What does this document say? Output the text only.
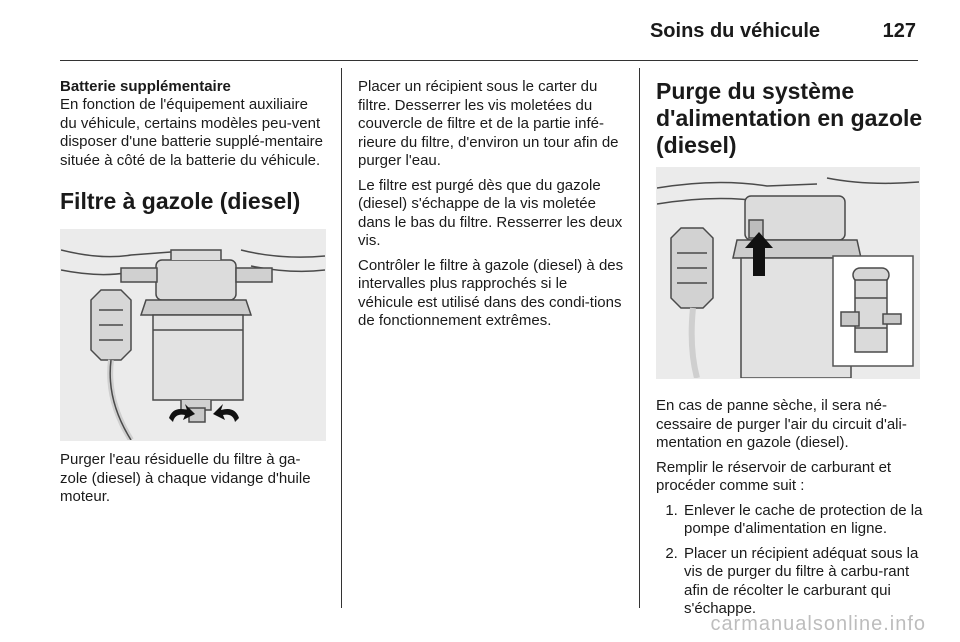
Soins du véhicule	127
Batterie supplémentaire

En fonction de l'équipement auxiliaire du véhicule, certains modèles peu-vent disposer d'une batterie supplé-mentaire située à côté de la batterie du véhicule.

Filtre à gazole (diesel)

Purger l'eau résiduelle du filtre à ga-zole (diesel) à chaque vidange d'huile moteur.

Placer un récipient sous le carter du filtre. Desserrer les vis moletées du couvercle de filtre et de la partie infé-rieure du filtre, d'environ un tour afin de purger l'eau.

Le filtre est purgé dès que du gazole (diesel) s'échappe de la vis moletée dans le bas du filtre. Resserrer les deux vis.

Contrôler le filtre à gazole (diesel) à des intervalles plus rapprochés si le véhicule est utilisé dans des condi-tions de fonctionnement extrêmes.

Purge du système d'alimentation en gazole (diesel)

En cas de panne sèche, il sera né-cessaire de purger l'air du circuit d'ali-mentation en gazole (diesel).

Remplir le réservoir de carburant et procéder comme suit :

1. Enlever le cache de protection de la pompe d'alimentation en ligne.
2. Placer un récipient adéquat sous la vis de purger du filtre à carbu-rant afin de récolter le carburant qui s'échappe.
carmanualsonline.info
